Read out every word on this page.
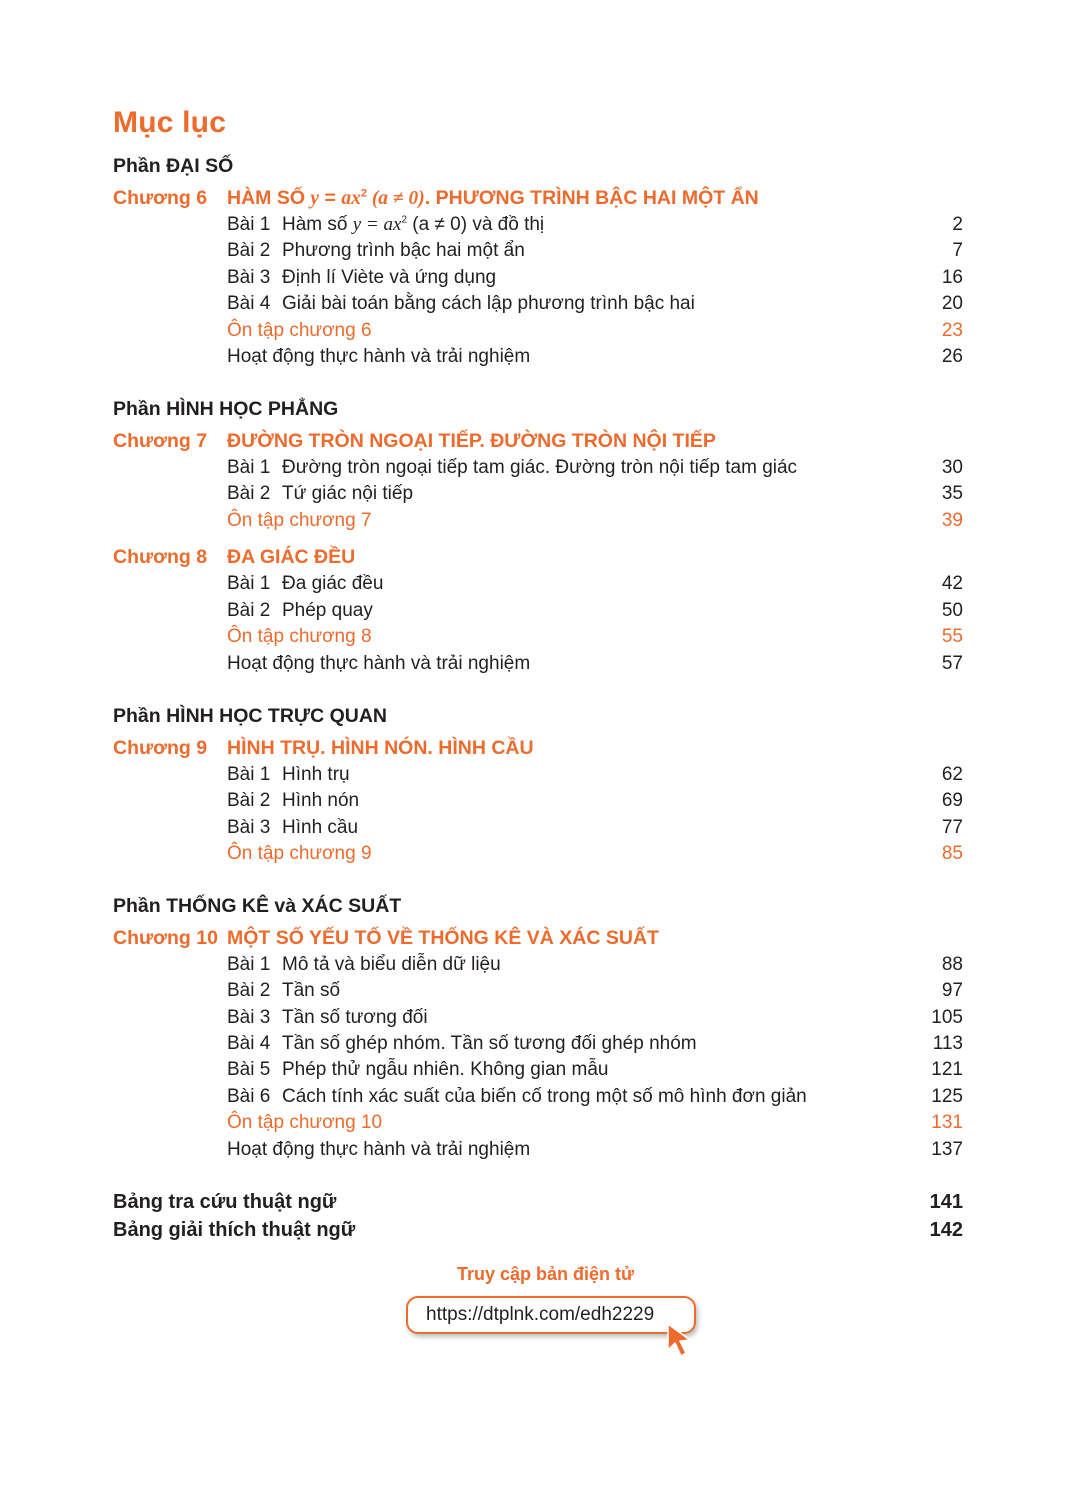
Mục lục
Phần ĐẠI SỐ
Chương 6 HÀM SỐ $y = ax^2$ (a ≠ 0). PHƯƠNG TRÌNH BẬC HAI MỘT ẨN
Bài 1 Hàm số $y = ax^2$ (a ≠ 0) và đồ thị	2
Bài 2 Phương trình bậc hai một ẩn	7
Bài 3 Định lí Viète và ứng dụng	16
Bài 4 Giải bài toán bằng cách lập phương trình bậc hai	20
Ôn tập chương 6	23
Hoạt động thực hành và trải nghiệm	26
Phần HÌNH HỌC PHẲNG
Chương 7 ĐƯỜNG TRÒN NGOẠI TIẾP. ĐƯỜNG TRÒN NỘI TIẾP
Bài 1 Đường tròn ngoại tiếp tam giác. Đường tròn nội tiếp tam giác	30
Bài 2 Tứ giác nội tiếp	35
Ôn tập chương 7	39
Chương 8 ĐA GIÁC ĐỀU
Bài 1 Đa giác đều	42
Bài 2 Phép quay	50
Ôn tập chương 8	55
Hoạt động thực hành và trải nghiệm	57
Phần HÌNH HỌC TRỰC QUAN
Chương 9 HÌNH TRỤ. HÌNH NÓN. HÌNH CẦU
Bài 1 Hình trụ	62
Bài 2 Hình nón	69
Bài 3 Hình cầu	77
Ôn tập chương 9	85
Phần THỐNG KÊ và XÁC SUẤT
Chương 10 MỘT SỐ YẾU TỐ VỀ THỐNG KÊ VÀ XÁC SUẤT
Bài 1 Mô tả và biểu diễn dữ liệu	88
Bài 2 Tần số	97
Bài 3 Tần số tương đối	105
Bài 4 Tần số ghép nhóm. Tần số tương đối ghép nhóm	113
Bài 5 Phép thử ngẫu nhiên. Không gian mẫu	121
Bài 6 Cách tính xác suất của biến cố trong một số mô hình đơn giản	125
Ôn tập chương 10	131
Hoạt động thực hành và trải nghiệm	137
Bảng tra cứu thuật ngữ	141
Bảng giải thích thuật ngữ	142
Truy cập bản điện tử
https://dtplnk.com/edh2229
